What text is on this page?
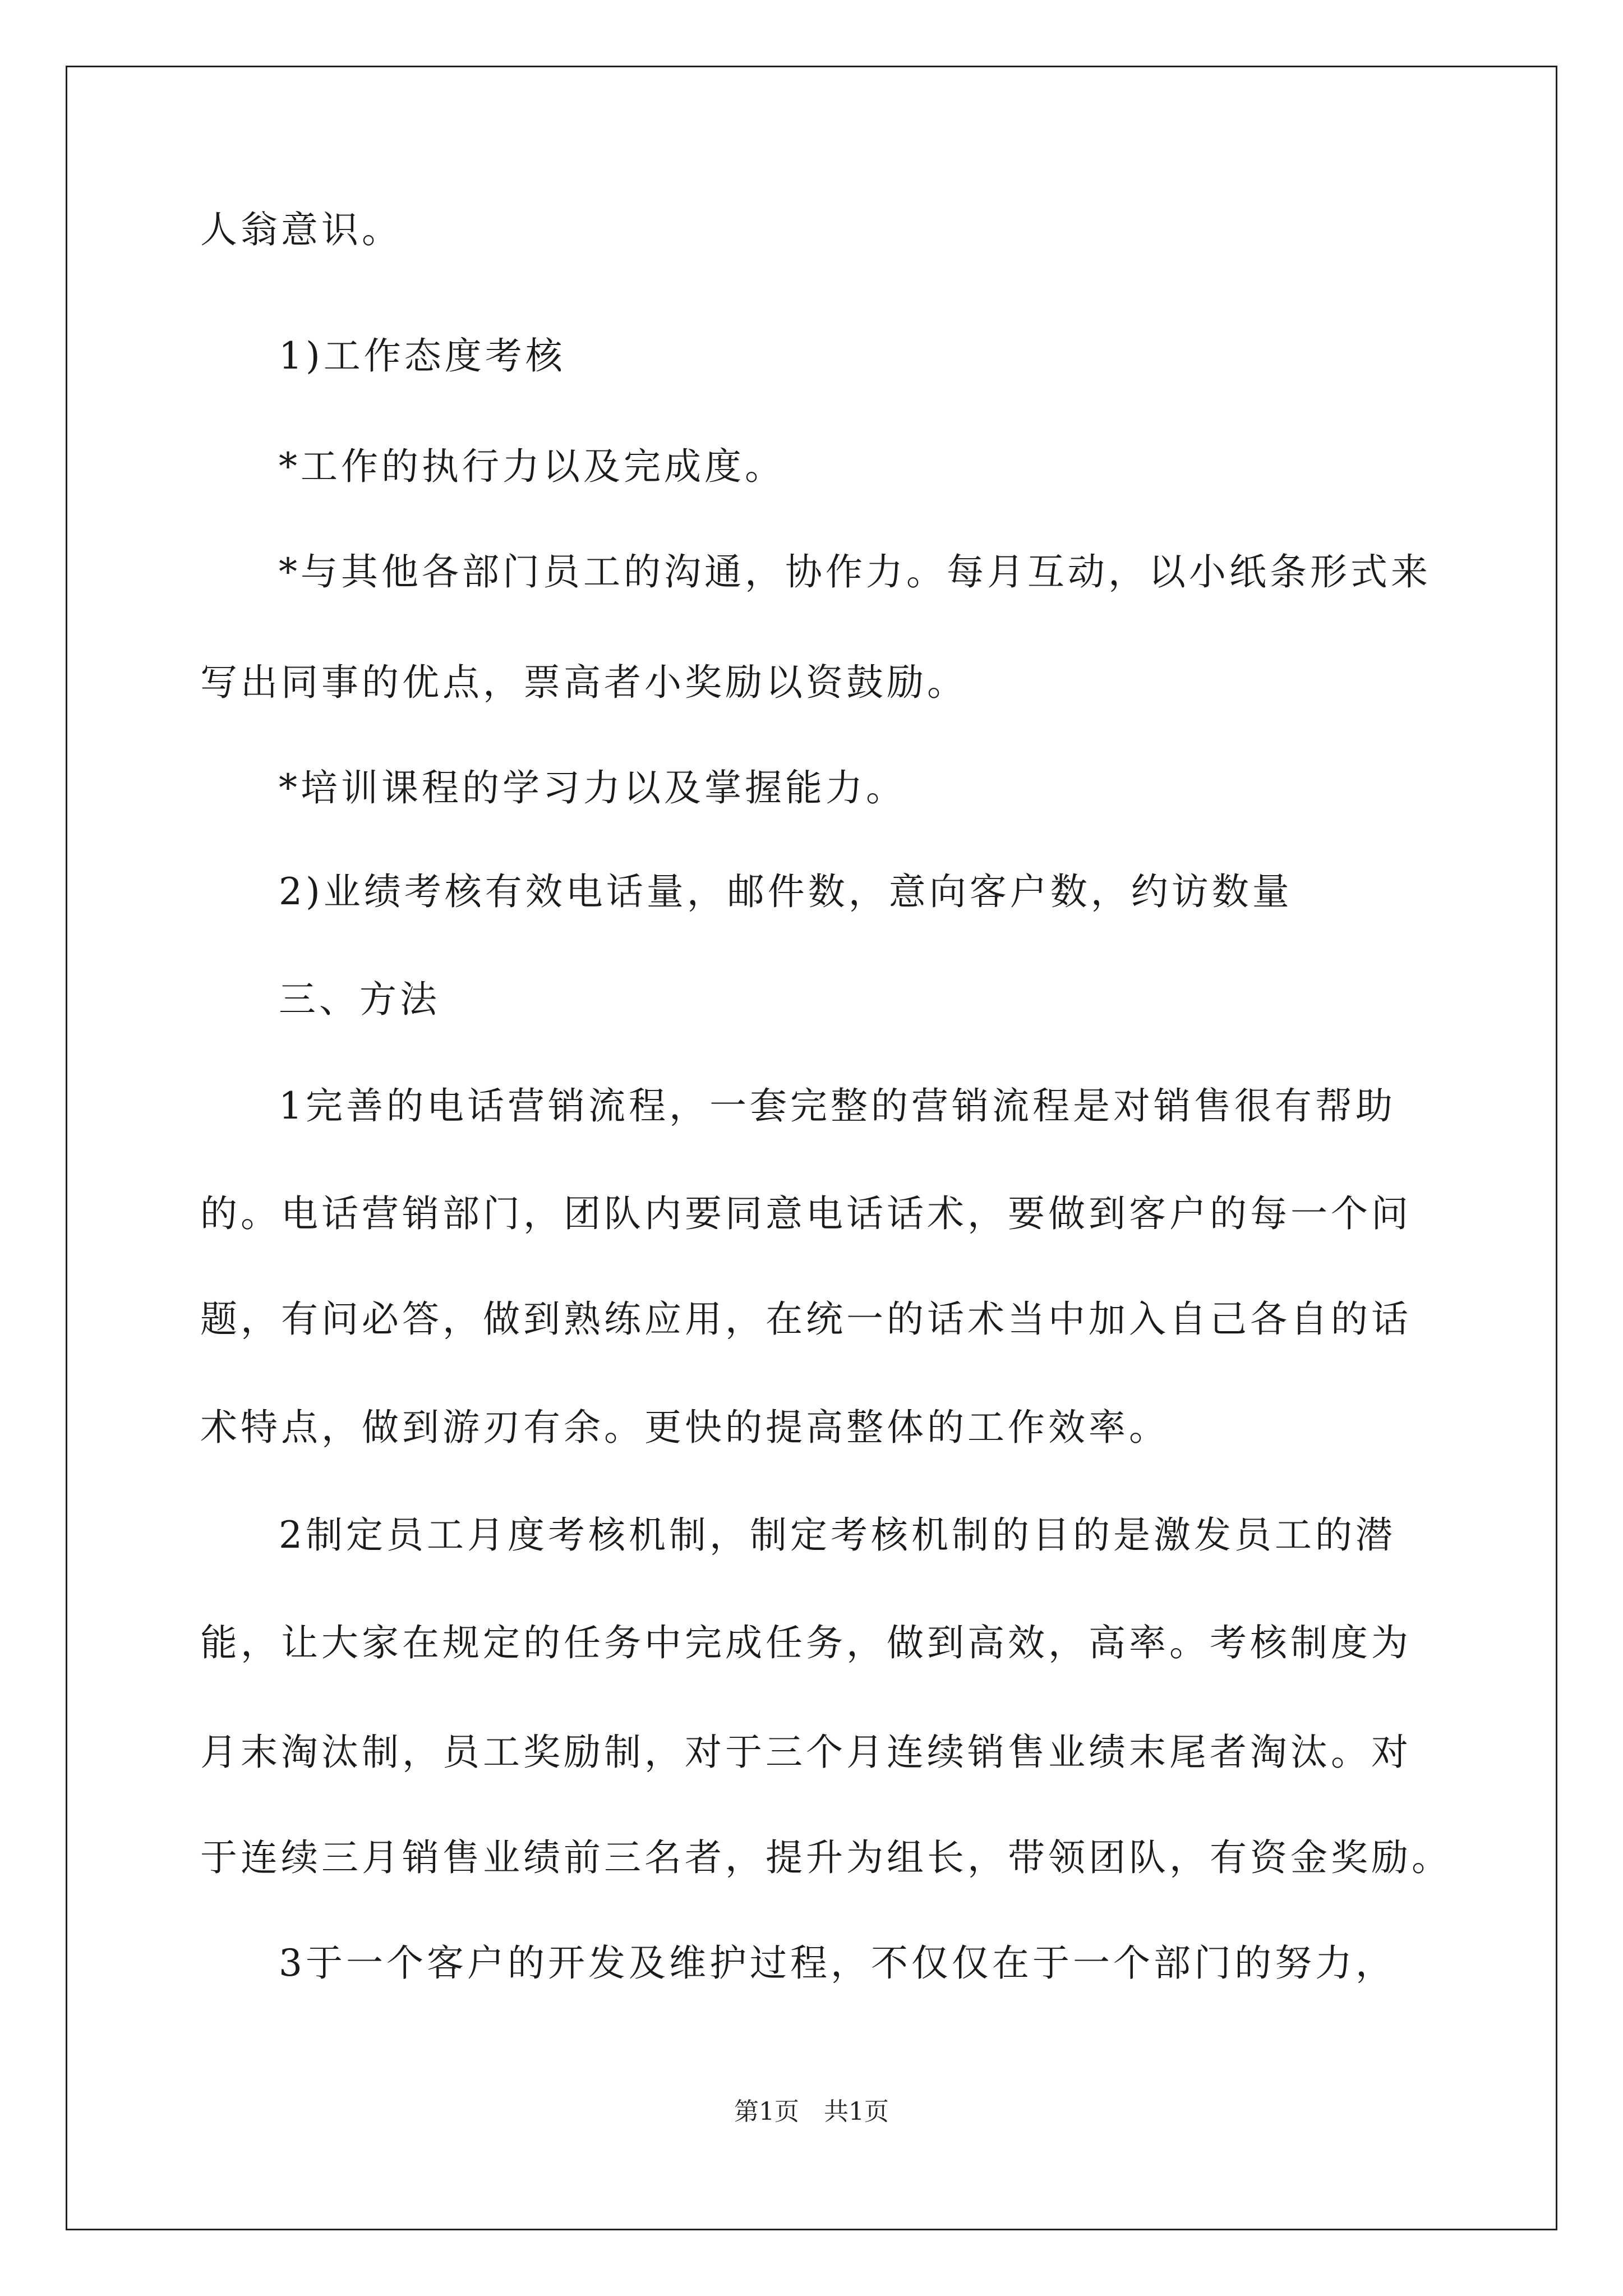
人翁意识。
1)工作态度考核
*工作的执行力以及完成度。
*与其他各部门员工的沟通，协作力。每月互动，以小纸条形式来
写出同事的优点，票高者小奖励以资鼓励。
*培训课程的学习力以及掌握能力。
2)业绩考核有效电话量，邮件数，意向客户数，约访数量
三、方法
1完善的电话营销流程，一套完整的营销流程是对销售很有帮助
的。电话营销部门，团队内要同意电话话术，要做到客户的每一个问
题，有问必答，做到熟练应用，在统一的话术当中加入自己各自的话
术特点，做到游刃有余。更快的提高整体的工作效率。
2制定员工月度考核机制，制定考核机制的目的是激发员工的潜
能，让大家在规定的任务中完成任务，做到高效，高率。考核制度为
月末淘汰制，员工奖励制，对于三个月连续销售业绩末尾者淘汰。对
于连续三月销售业绩前三名者，提升为组长，带领团队，有资金奖励。
3于一个客户的开发及维护过程，不仅仅在于一个部门的努力，
第1页　共1页
